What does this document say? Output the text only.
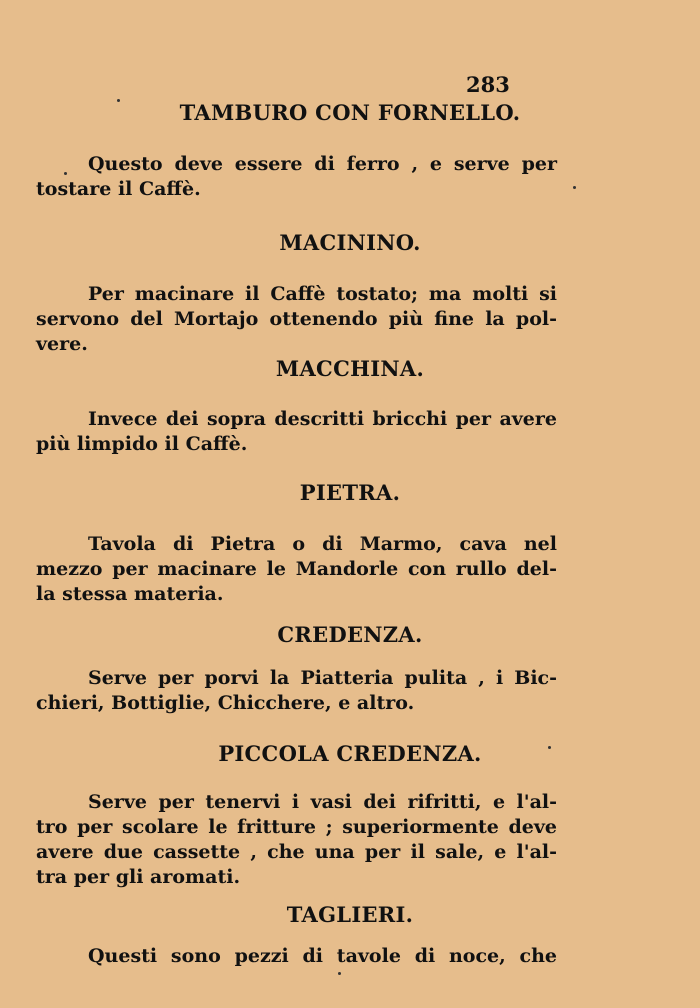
283
TAMBURO CON FORNELLO.
Questo deve essere di ferro , e serve per
tostare il Caffè.
MACININO.
Per macinare il Caffè tostato; ma molti si
servono del Mortajo ottenendo più fine la pol-
vere.
MACCHINA.
Invece dei sopra descritti bricchi per avere
più limpido il Caffè.
PIETRA.
Tavola di Pietra o di Marmo, cava nel
mezzo per macinare le Mandorle con rullo del-
la stessa materia.
CREDENZA.
Serve per porvi la Piatteria pulita , i Bic-
chieri, Bottiglie, Chicchere, e altro.
PICCOLA CREDENZA.
Serve per tenervi i vasi dei rifritti, e l'al-
tro per scolare le fritture ; superiormente deve
avere due cassette , che una per il sale, e l'al-
tra per gli aromati.
TAGLIERI.
Questi sono pezzi di tavole di noce, che
